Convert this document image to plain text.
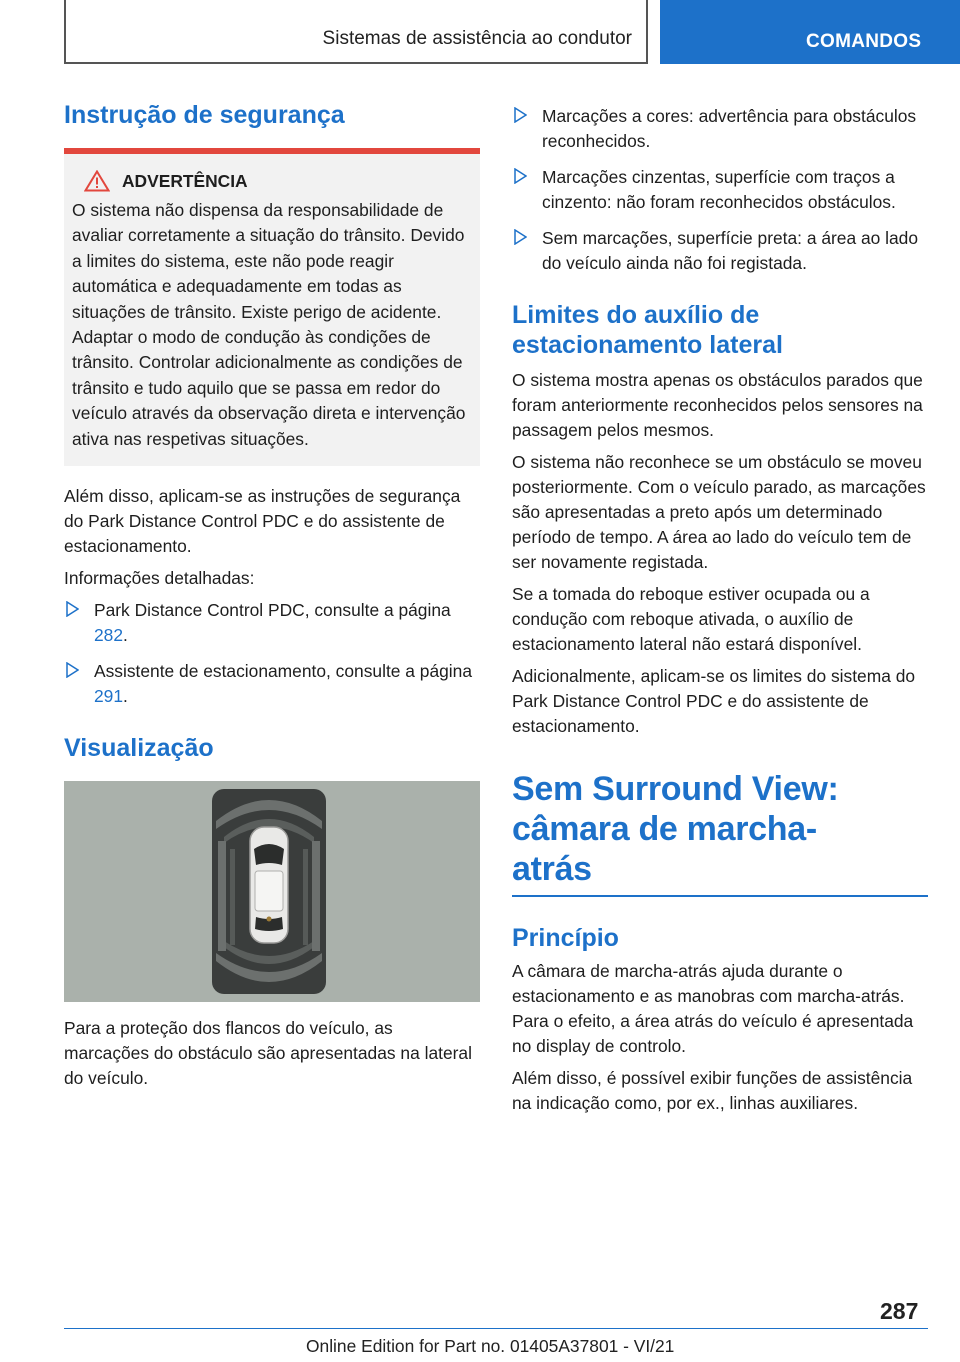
Sistemas de assistência ao condutor	COMANDOS
Instrução de segurança
ADVERTÊNCIA
O sistema não dispensa da responsabilidade de avaliar corretamente a situação do trânsito. Devido a limites do sistema, este não pode reagir automática e adequadamente em todas as situações de trânsito. Existe perigo de acidente. Adaptar o modo de condução às condições de trânsito. Controlar adicionalmente as condições de trânsito e tudo aquilo que se passa em redor do veículo através da observação direta e intervenção ativa nas respetivas situações.

Além disso, aplicam-se as instruções de segurança do Park Distance Control PDC e do assistente de estacionamento.

Informações detalhadas:

Park Distance Control PDC, consulte a página 282.
Assistente de estacionamento, consulte a página 291.
Visualização

Para a proteção dos flancos do veículo, as marcações do obstáculo são apresentadas na lateral do veículo.

Marcações a cores: advertência para obstáculos reconhecidos.
Marcações cinzentas, superfície com traços a cinzento: não foram reconhecidos obstáculos.
Sem marcações, superfície preta: a área ao lado do veículo ainda não foi registada.
Limites do auxílio de estacionamento lateral

O sistema mostra apenas os obstáculos parados que foram anteriormente reconhecidos pelos sensores na passagem pelos mesmos.

O sistema não reconhece se um obstáculo se moveu posteriormente. Com o veículo parado, as marcações são apresentadas a preto após um determinado período de tempo. A área ao lado do veículo tem de ser novamente registada.

Se a tomada do reboque estiver ocupada ou a condução com reboque ativada, o auxílio de estacionamento lateral não estará disponível.

Adicionalmente, aplicam-se os limites do sistema do Park Distance Control PDC e do assistente de estacionamento.

Sem Surround View: câmara de marcha-atrás
Princípio

A câmara de marcha-atrás ajuda durante o estacionamento e as manobras com marcha-atrás. Para o efeito, a área atrás do veículo é apresentada no display de controlo.

Além disso, é possível exibir funções de assistência na indicação como, por ex., linhas auxiliares.

287
Online Edition for Part no. 01405A37801 - VI/21
